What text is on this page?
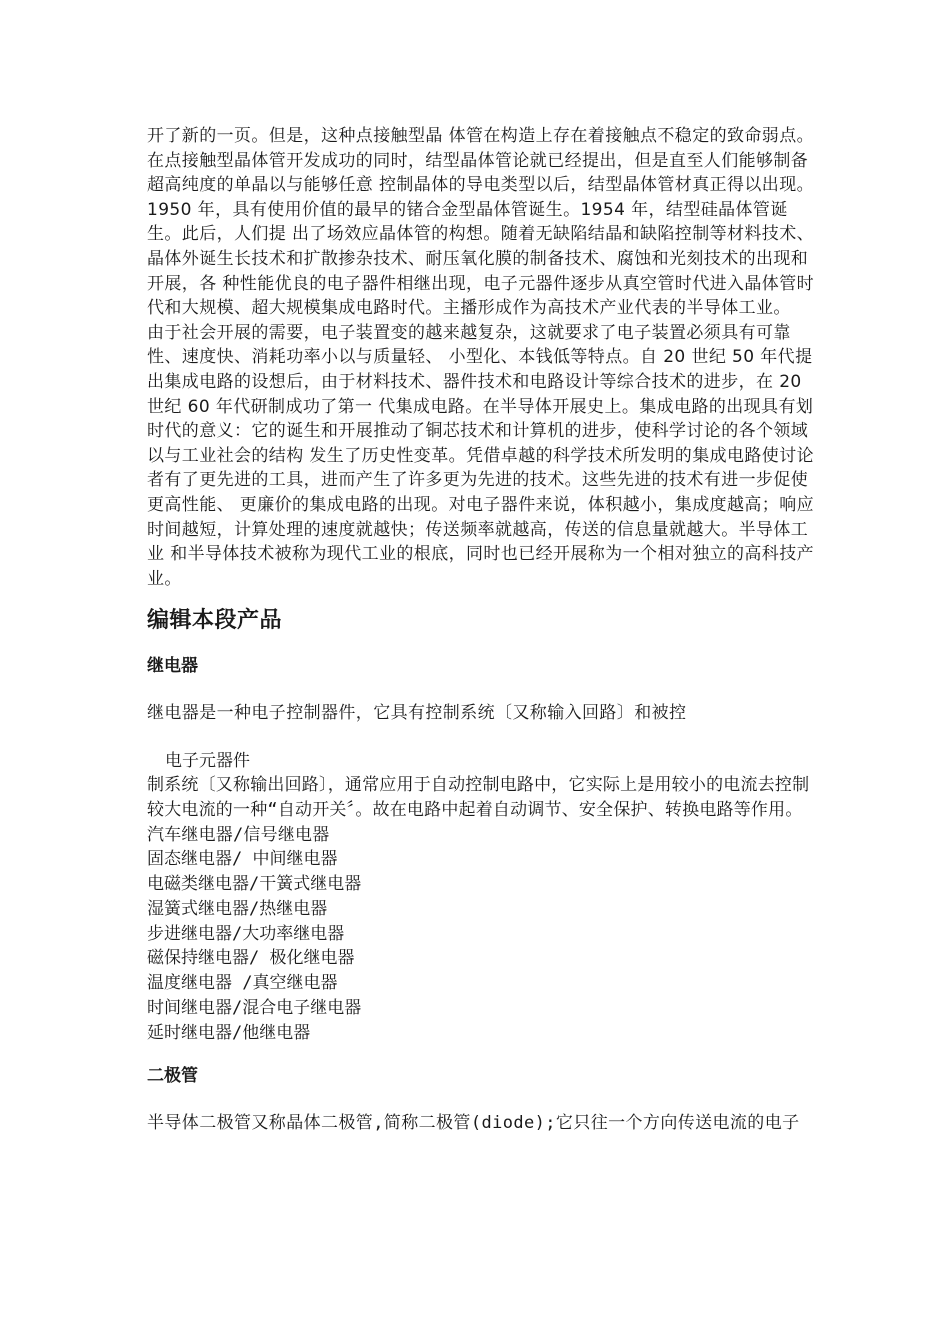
开了新的一页。但是，这种点接触型晶 体管在构造上存在着接触点不稳定的致命弱点。在点接触型晶体管开发成功的同时，结型晶体管论就已经提出，但是直至人们能够制备超高纯度的单晶以与能够任意 控制晶体的导电类型以后，结型晶体管材真正得以出现。1950 年，具有使用价值的最早的锗合金型晶体管诞生。1954 年，结型硅晶体管诞生。此后，人们提 出了场效应晶体管的构想。随着无缺陷结晶和缺陷控制等材料技术、晶体外诞生长技术和扩散掺杂技术、耐压氧化膜的制备技术、腐蚀和光刻技术的出现和开展，各 种性能优良的电子器件相继出现，电子元器件逐步从真空管时代进入晶体管时代和大规模、超大规模集成电路时代。主播形成作为高技术产业代表的半导体工业。

由于社会开展的需要，电子装置变的越来越复杂，这就要求了电子装置必须具有可靠性、速度快、消耗功率小以与质量轻、 小型化、本钱低等特点。自 20 世纪 50 年代提出集成电路的设想后，由于材料技术、器件技术和电路设计等综合技术的进步，在 20 世纪 60 年代研制成功了第一 代集成电路。在半导体开展史上。集成电路的出现具有划时代的意义：它的诞生和开展推动了铜芯技术和计算机的进步，使科学讨论的各个领域以与工业社会的结构 发生了历史性变革。凭借卓越的科学技术所发明的集成电路使讨论者有了更先进的工具，进而产生了许多更为先进的技术。这些先进的技术有进一步促使更高性能、 更廉价的集成电路的出现。对电子器件来说，体积越小，集成度越高；响应时间越短，计算处理的速度就越快；传送频率就越高，传送的信息量就越大。半导体工业 和半导体技术被称为现代工业的根底，同时也已经开展称为一个相对独立的高科技产业。

编辑本段产品
继电器
继电器是一种电子控制器件，它具有控制系统〔又称输入回路〕和被控
电子元器件

制系统〔又称输出回路〕，通常应用于自动控制电路中，它实际上是用较小的电流去控制较大电流的一种“自动开关〞。故在电路中起着自动调节、安全保护、转换电路等作用。汽车继电器/信号继电器

固态继电器/ 中间继电器
电磁类继电器/干簧式继电器
湿簧式继电器/热继电器
步进继电器/大功率继电器
磁保持继电器/ 极化继电器
温度继电器 /真空继电器
时间继电器/混合电子继电器
延时继电器/他继电器
二极管
半导体二极管又称晶体二极管,简称二极管(diode);它只往一个方向传送电流的电子
